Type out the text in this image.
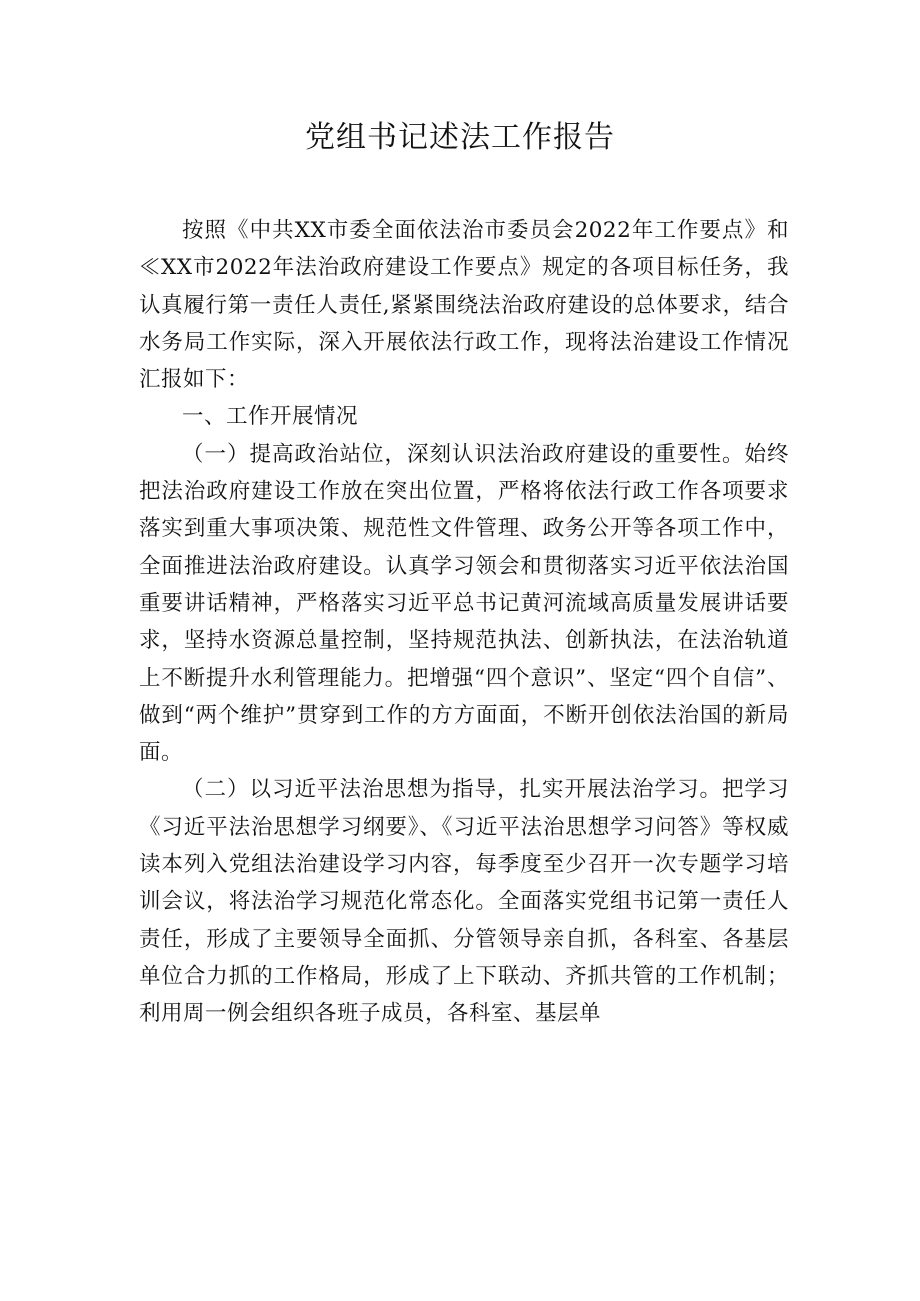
党组书记述法工作报告

按照《中共XX市委全面依法治市委员会2022年工作要点》和≪XX市2022年法治政府建设工作要点》规定的各项目标任务，我认真履行第一责任人责任,紧紧围绕法治政府建设的总体要求，结合水务局工作实际，深入开展依法行政工作，现将法治建设工作情况汇报如下：

一、工作开展情况

（一）提高政治站位，深刻认识法治政府建设的重要性。始终把法治政府建设工作放在突出位置，严格将依法行政工作各项要求落实到重大事项决策、规范性文件管理、政务公开等各项工作中，全面推进法治政府建设。认真学习领会和贯彻落实习近平依法治国重要讲话精神，严格落实习近平总书记黄河流域高质量发展讲话要求，坚持水资源总量控制，坚持规范执法、创新执法，在法治轨道上不断提升水利管理能力。把增强“四个意识”、坚定“四个自信”、做到“两个维护”贯穿到工作的方方面面，不断开创依法治国的新局面。

（二）以习近平法治思想为指导，扎实开展法治学习。把学习《习近平法治思想学习纲要》、《习近平法治思想学习问答》等权威读本列入党组法治建设学习内容，每季度至少召开一次专题学习培训会议，将法治学习规范化常态化。全面落实党组书记第一责任人责任，形成了主要领导全面抓、分管领导亲自抓，各科室、各基层单位合力抓的工作格局，形成了上下联动、齐抓共管的工作机制；利用周一例会组织各班子成员，各科室、基层单
